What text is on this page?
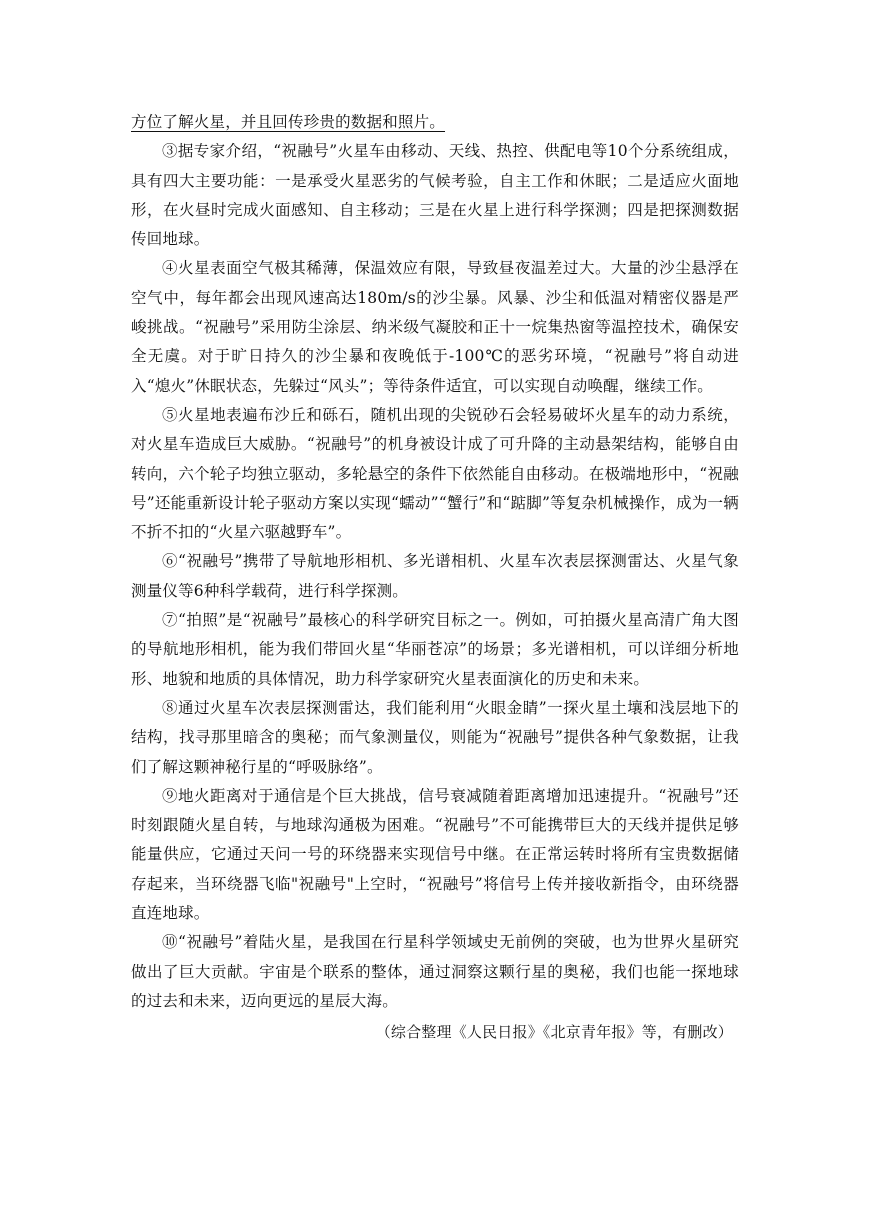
方位了解火星，并且回传珍贵的数据和照片。

③据专家介绍，“祝融号”火星车由移动、天线、热控、供配电等10个分系统组成，具有四大主要功能：一是承受火星恶劣的气候考验，自主工作和休眠；二是适应火面地形，在火昼时完成火面感知、自主移动；三是在火星上进行科学探测；四是把探测数据传回地球。

④火星表面空气极其稀薄，保温效应有限，导致昼夜温差过大。大量的沙尘悬浮在空气中，每年都会出现风速高达180m/s的沙尘暴。风暴、沙尘和低温对精密仪器是严峻挑战。“祝融号”采用防尘涂层、纳米级气凝胶和正十一烷集热窗等温控技术，确保安全无虞。对于旷日持久的沙尘暴和夜晚低于-100℃的恶劣环境，“祝融号”将自动进入“熄火”休眠状态，先躲过“风头”；等待条件适宜，可以实现自动唤醒，继续工作。

⑤火星地表遍布沙丘和砾石，随机出现的尖锐砂石会轻易破坏火星车的动力系统，对火星车造成巨大威胁。“祝融号”的机身被设计成了可升降的主动悬架结构，能够自由转向，六个轮子均独立驱动，多轮悬空的条件下依然能自由移动。在极端地形中，“祝融号”还能重新设计轮子驱动方案以实现“蠕动”“蟹行”和“踮脚”等复杂机械操作，成为一辆不折不扣的“火星六驱越野车”。

⑥“祝融号”携带了导航地形相机、多光谱相机、火星车次表层探测雷达、火星气象测量仪等6种科学载荷，进行科学探测。

⑦“拍照”是“祝融号”最核心的科学研究目标之一。例如，可拍摄火星高清广角大图的导航地形相机，能为我们带回火星“华丽苍凉”的场景；多光谱相机，可以详细分析地形、地貌和地质的具体情况，助力科学家研究火星表面演化的历史和未来。

⑧通过火星车次表层探测雷达，我们能利用“火眼金睛”一探火星土壤和浅层地下的结构，找寻那里暗含的奥秘；而气象测量仪，则能为“祝融号”提供各种气象数据，让我们了解这颗神秘行星的“呼吸脉络”。

⑨地火距离对于通信是个巨大挑战，信号衰减随着距离增加迅速提升。“祝融号”还时刻跟随火星自转，与地球沟通极为困难。“祝融号”不可能携带巨大的天线并提供足够能量供应，它通过天问一号的环绕器来实现信号中继。在正常运转时将所有宝贵数据储存起来，当环绕器飞临"祝融号"上空时，“祝融号”将信号上传并接收新指令，由环绕器直连地球。

⑩“祝融号”着陆火星，是我国在行星科学领域史无前例的突破，也为世界火星研究做出了巨大贡献。宇宙是个联系的整体，通过洞察这颗行星的奥秘，我们也能一探地球的过去和未来，迈向更远的星辰大海。

（综合整理《人民日报》《北京青年报》等，有删改）
